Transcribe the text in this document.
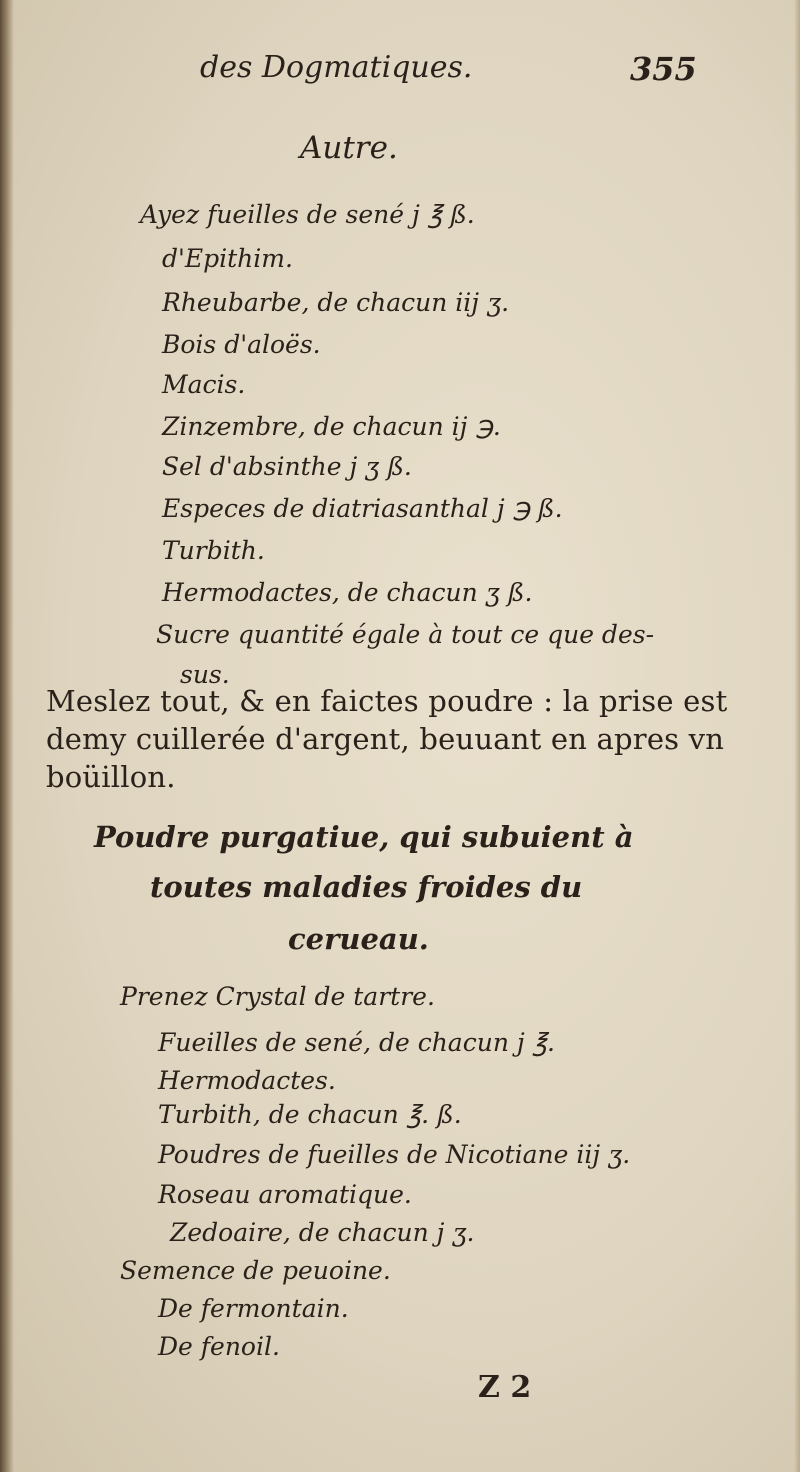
des Dogmatiques.	355
Autre.
Ayez fueilles de sené j ℥ ß.
d'Epithim.
Rheubarbe, de chacun iij ʒ.
Bois d'aloës.
Macis.
Zinzembre, de chacun ij ℈.
Sel d'absinthe j ʒ ß.
Especes de diatriasanthal j ℈ ß.
Turbith.
Hermodactes, de chacun ʒ ß.
Sucre quantité égale à tout ce que des-
sus.
Meslez tout, & en faictes poudre : la prise est
demy cuillerée d'argent, beuuant en apres vn
boüillon.
Poudre purgatiue, qui subuient à
toutes maladies froides du
cerueau.
Prenez Crystal de tartre.
Fueilles de sené, de chacun j ℥.
Hermodactes.
Turbith, de chacun ℥. ß.
Poudres de fueilles de Nicotiane iij ʒ.
Roseau aromatique.
Zedoaire, de chacun j ʒ.
Semence de peuoine.
De fermontain.
De fenoil.
Z 2
